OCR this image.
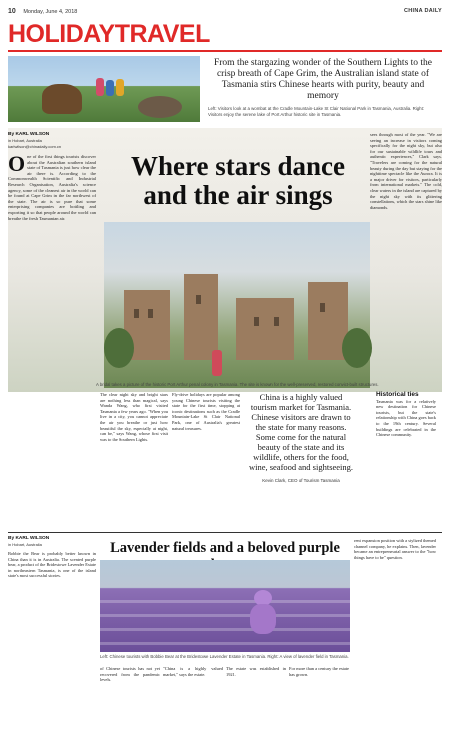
10 Monday, June 4, 2018	CHINA DAILY
HOLIDAYTRAVEL
From the stargazing wonder of the Southern Lights to the crisp breath of Cape Grim, the Australian island state of Tasmania stirs Chinese hearts with purity, beauty and memory
Left: Visitors look at a wombat at the Cradle Mountain-Lake St Clair National Park in Tasmania, Australia. Right: Visitors enjoy the serene lake of Port Arthur historic site in Tasmania.
By KARL WILSON
in Hobart, Australia
karlwilson@chinadaily.com.cn
O ne of the first things tourists discover about the Australian southern island state of Tasmania is just how clear the air there is. According to the Commonwealth Scientific and Industrial Research Organisation, Australia's science agency, some of the cleanest air in the world can be found at Cape Grim in the far northwest of the state. The air is so pure that some enterprising companies are bottling and exporting it so that people around the world can breathe the fresh Tasmanian air.
Where stars dance and the air sings
sees through most of the year. "We are seeing an increase in visitors coming specifically for the night sky, but also for our sustainable wildlife tours and authentic experiences," Clark says. "Travelers are coming for the natural beauty during the day but staying for the nighttime spectacle like the Aurora. It is a major driver for visitors, particularly from international markets." The cold, clear waters in the island are captured by the night sky with its glittering constellations, which the stars shine like diamonds.
A bridal takes a picture of the historic Port Arthur penal colony in Tasmania. The site is known for the well-preserved, restored convict-built structures.
The clear night sky and bright stars are nothing less than magical, says Wanda Wang, who first visited Tasmania a few years ago. "When you live in a city, you cannot appreciate the air you breathe or just how beautiful the sky, especially at night, can be," says Wang, whose first visit was to the Southern Lights.
Fly-drive holidays are popular among young Chinese tourists visiting the state for the first time, stopping at iconic destinations such as the Cradle Mountain-Lake St Clair National Park, one of Australia's greatest natural treasures.
China is a highly valued tourism market for Tasmania. Chinese visitors are drawn to the state for many reasons. Some come for the natural beauty of the state and its wildlife, others for the food, wine, seafood and sightseeing.
Kevin Clark, CEO of Tourism Tasmania
Historical ties
Tasmania was for a relatively new destination for Chinese tourists, but the state's relationship with China goes back to the 19th century. Several buildings are celebrated in the Chinese community.
By KARL WILSON
in Hobart, Australia
Bobbie the Bear is probably better known in China than it is in Australia. The scented purple bear, a product of the Bridestowe Lavender Estate in northeastern Tasmania, is one of the island state's most successful stories.
Lavender fields and a beloved purple
Left: Chinese tourists with Bobbie Bear at the Bridestowe Lavender Estate in Tasmania. Right: A view of lavender field in Tasmania.
rent expansion position with a stylized themed channel company, he explains. Then, lavender became an entrepreneurial answer to the "how things have to be" question.
of Chinese tourists has not yet recovered from the pandemic levels.
"China is a highly valued market," says the estate.
The estate was established in 1921.
For more than a century the estate has grown.
